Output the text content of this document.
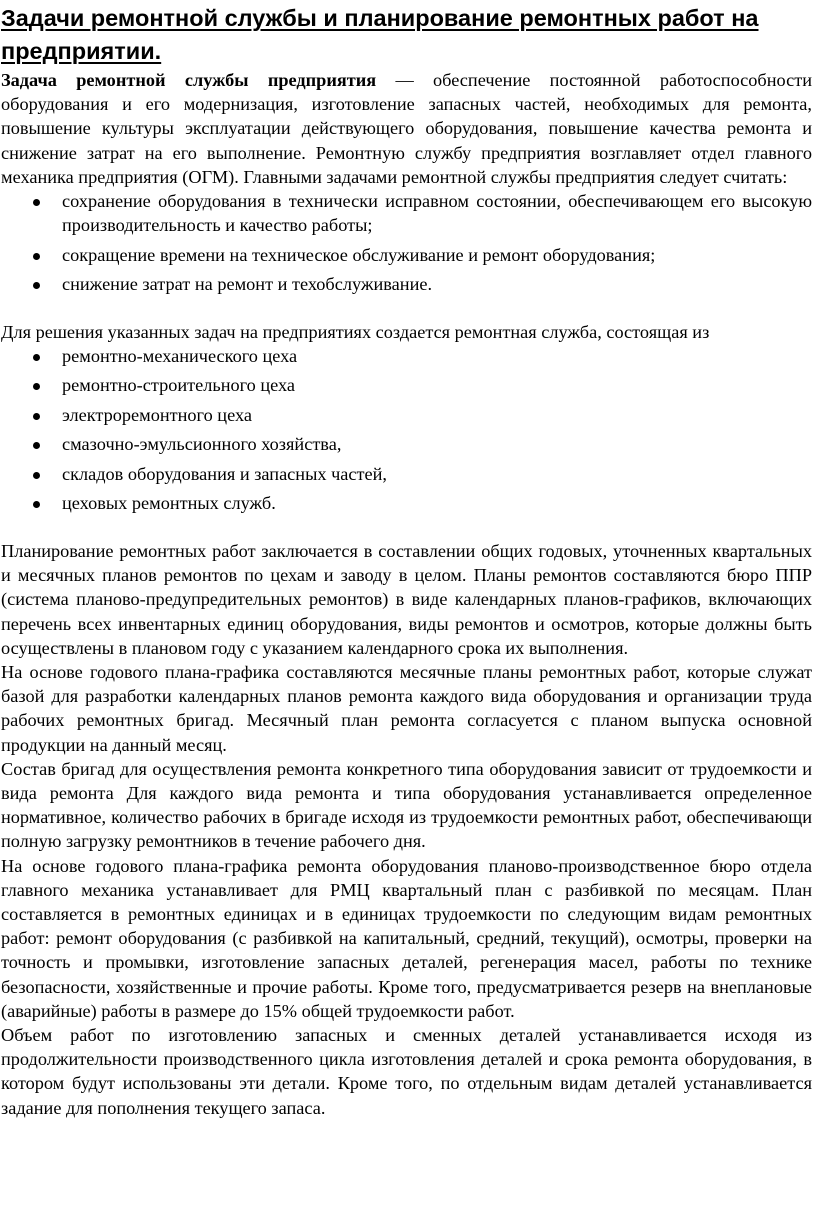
Задачи ремонтной службы и планирование ремонтных работ на предприятии.

Задача ремонтной службы предприятия — обеспечение постоянной работоспособности оборудования и его модернизация, изготовление запасных частей, необходимых для ремонта, повышение культуры эксплуатации действующего оборудования, повышение качества ремонта и снижение затрат на его выполнение. Ремонтную службу предприятия возглавляет отдел главного механика предприятия (ОГМ). Главными задачами ремонтной службы предприятия следует считать:

сохранение оборудования в технически исправном состоянии, обеспечивающем его высокую производительность и качество работы;
сокращение времени на техническое обслуживание и ремонт оборудования;
снижение затрат на ремонт и техобслуживание.

Для решения указанных задач на предприятиях создается ремонтная служба, состоящая из

ремонтно-механического цеха
ремонтно-строительного цеха
электроремонтного цеха
смазочно-эмульсионного хозяйства,
складов оборудования и запасных частей,
цеховых ремонтных служб.

Планирование ремонтных работ заключается в составлении общих годовых, уточненных квартальных и месячных планов ремонтов по цехам и заводу в целом. Планы ремонтов составляются бюро ППР (система планово-предупредительных ремонтов) в виде календарных планов-графиков, включающих перечень всех инвентарных единиц оборудования, виды ремонтов и осмотров, которые должны быть осуществлены в плановом году с указанием календарного срока их выполнения.

На основе годового плана-графика составляются месячные планы ремонтных работ, которые служат базой для разработки календарных планов ремонта каждого вида оборудования и организации труда рабочих ремонтных бригад. Месячный план ремонта согласуется с планом выпуска основной продукции на данный месяц.

Состав бригад для осуществления ремонта конкретного типа оборудования зависит от трудоемкости и вида ремонта Для каждого вида ремонта и типа оборудования устанавливается определенное нормативное, количество рабочих в бригаде исходя из трудоемкости ремонтных работ, обеспечивающи полную загрузку ремонтников в течение рабочего дня.

На основе годового плана-графика ремонта оборудования планово-производственное бюро отдела главного механика устанавливает для РМЦ квартальный план с разбивкой по месяцам. План составляется в ремонтных единицах и в единицах трудоемкости по следующим видам ремонтных работ: ремонт оборудования (с разбивкой на капитальный, средний, текущий), осмотры, проверки на точность и промывки, изготовление запасных деталей, регенерация масел, работы по технике безопасности, хозяйственные и прочие работы. Кроме того, предусматривается резерв на внеплановые (аварийные) работы в размере до 15% общей трудоемкости работ.

Объем работ по изготовлению запасных и сменных деталей устанавливается исходя из продолжительности производственного цикла изготовления деталей и срока ремонта оборудования, в котором будут использованы эти детали. Кроме того, по отдельным видам деталей устанавливается задание для пополнения текущего запаса.
